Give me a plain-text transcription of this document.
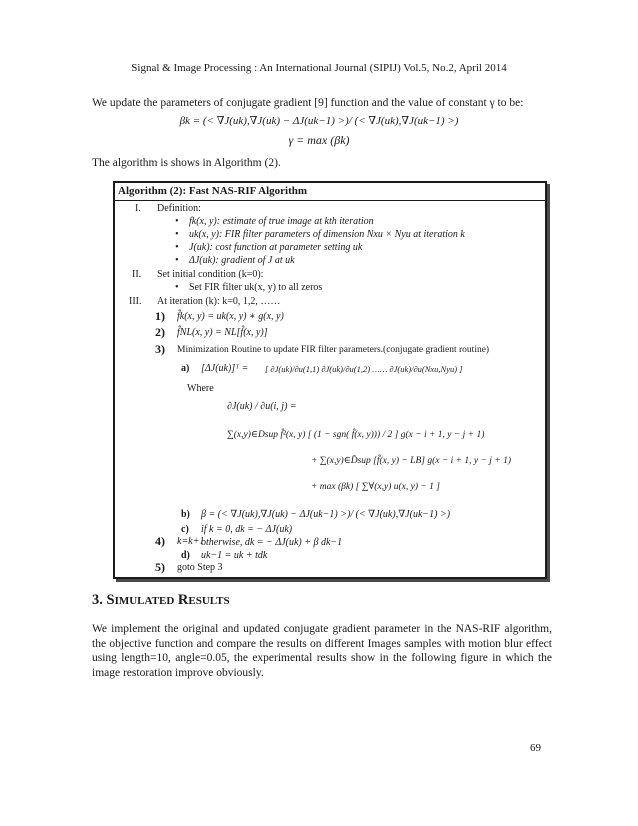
Signal & Image Processing : An International Journal (SIPIJ) Vol.5, No.2, April 2014
We update the parameters of conjugate gradient [9] function and the value of constant γ to be:
βk = (< ∇J(uk),∇J(uk) − ΔJ(uk−1) >)/ (< ∇J(uk),∇J(uk−1) >)
γ = max (βk)
The algorithm is shows in Algorithm (2).
Algorithm (2): Fast NAS-RIF Algorithm
I. Definition:
• fk(x, y): estimate of true image at kth iteration
• uk(x, y): FIR filter parameters of dimension Nxu × Nyu at iteration k
• J(uk): cost function at parameter setting uk
• ΔJ(uk): gradient of J at uk
II. Set initial condition (k=0):
• Set FIR filter uk(x, y) to all zeros
III. At iteration (k): k=0, 1,2, ……
1) f̂k(x, y) = uk(x, y) ∗ g(x, y)
2) f̂NL(x, y) = NL[f̂(x, y)]
3) Minimization Routine to update FIR filter parameters.(conjugate gradient routine)
a) [ΔJ(uk)]ᵀ = [ ∂J(uk)/∂u(1,1) ∂J(uk)/∂u(1,2) …… ∂J(uk)/∂u(Nxu,Nyu) ]
Where
∂J(uk) / ∂u(i, j) =
∑(x,y)∈Dsup f̂²(x, y) [ (1 − sgn( f̂(x, y))) / 2 ] g(x − i + 1, y − j + 1)
+ ∑(x,y)∈D̄sup [f̂(x, y) − LB] g(x − i + 1, y − j + 1)
+ max (βk) [ ∑∀(x,y) u(x, y) − 1 ]
b) β = (< ∇J(uk),∇J(uk) − ΔJ(uk−1) >)/ (< ∇J(uk),∇J(uk−1) >)
c) if k = 0, dk = − ΔJ(uk)
otherwise, dk = − ΔJ(uk) + β dk−1
d) uk−1 = uk + tdk
4) k=k+1
5) goto Step 3
3. SIMULATED RESULTS
We implement the original and updated conjugate gradient parameter in the NAS-RIF algorithm, the objective function and compare the results on different Images samples with motion blur effect using length=10, angle=0.05, the experimental results show in the following figure in which the image restoration improve obviously.
69
